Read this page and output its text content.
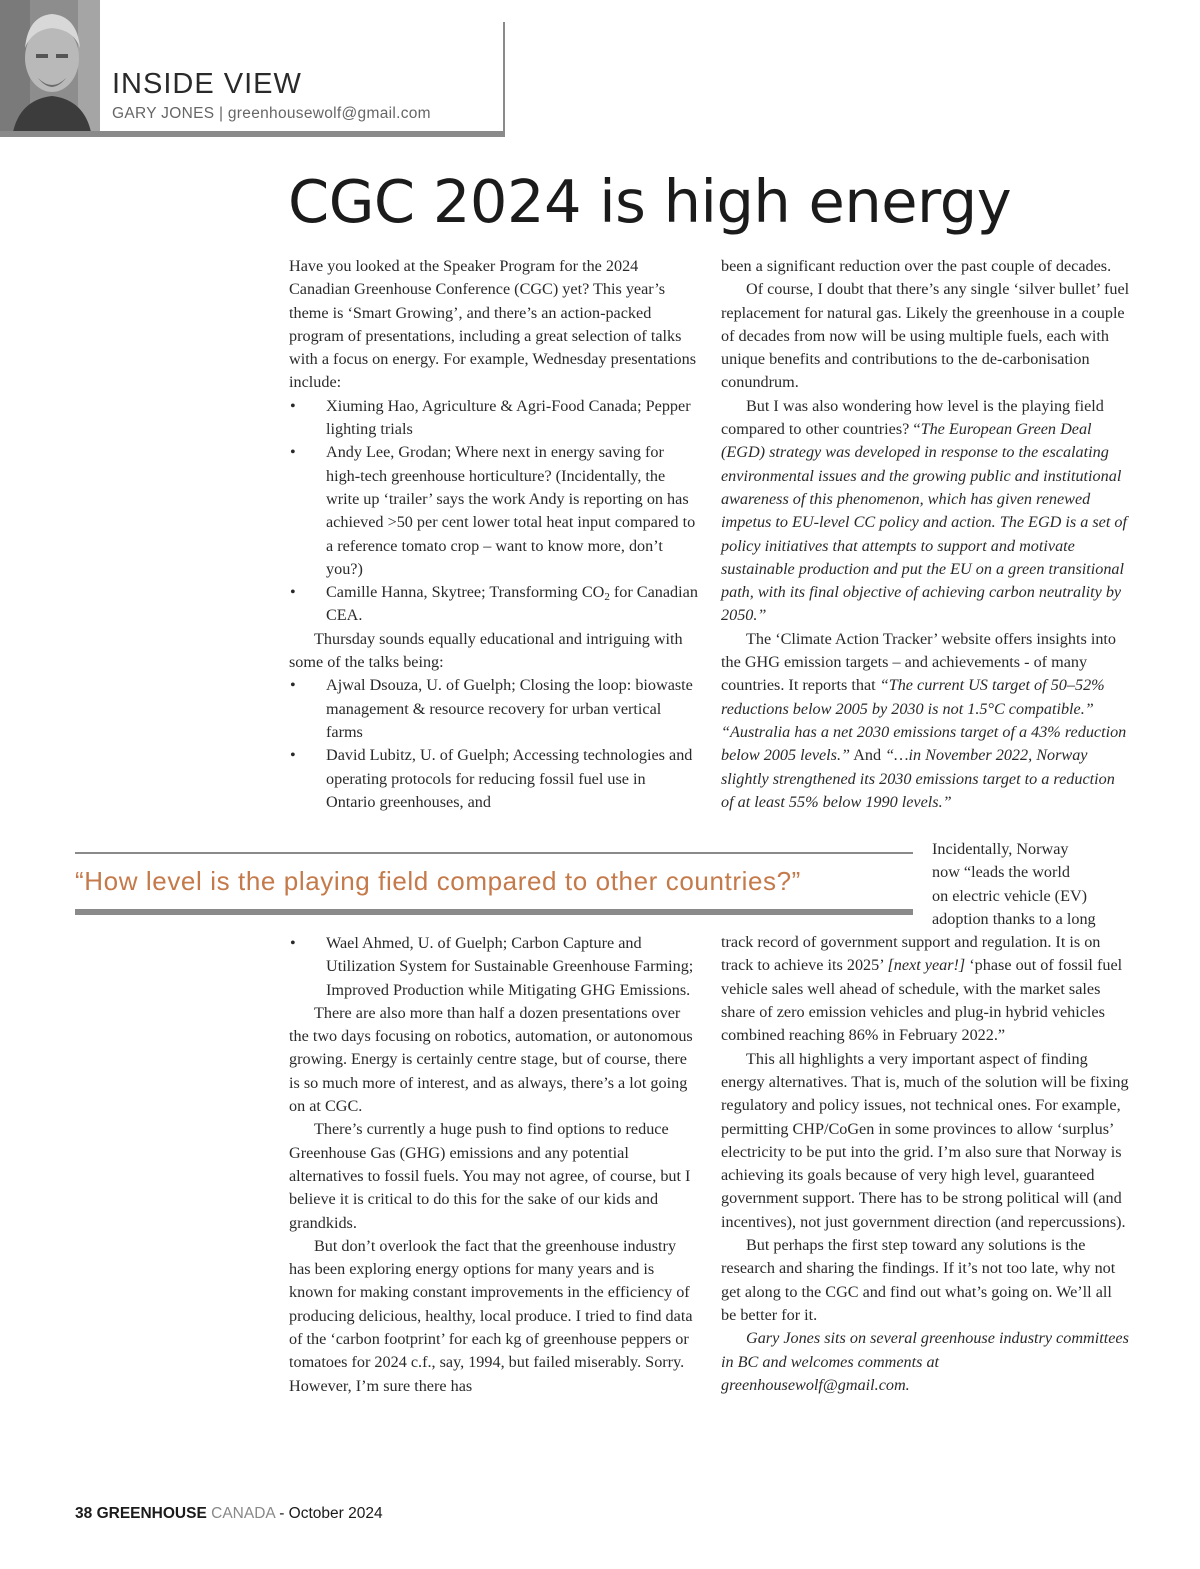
INSIDE VIEW
GARY JONES | greenhousewolf@gmail.com
CGC 2024 is high energy

Have you looked at the Speaker Program for the 2024 Canadian Greenhouse Conference (CGC) yet? This year’s theme is ‘Smart Growing’, and there’s an action-packed program of presentations, including a great selection of talks with a focus on energy. For example, Wednesday presentations include:

• Xiuming Hao, Agriculture & Agri-Food Canada; Pepper lighting trials
• Andy Lee, Grodan; Where next in energy saving for high-tech greenhouse horticulture? (Incidentally, the write up ‘trailer’ says the work Andy is reporting on has achieved >50 per cent lower total heat input compared to a reference tomato crop – want to know more, don’t you?)
• Camille Hanna, Skytree; Transforming $CO_2$ for Canadian CEA.

Thursday sounds equally educational and intriguing with some of the talks being:

• Ajwal Dsouza, U. of Guelph; Closing the loop: biowaste management & resource recovery for urban vertical farms
• David Lubitz, U. of Guelph; Accessing technologies and operating protocols for reducing fossil fuel use in Ontario greenhouses, and

been a significant reduction over the past couple of decades.

Of course, I doubt that there’s any single ‘silver bullet’ fuel replacement for natural gas. Likely the greenhouse in a couple of decades from now will be using multiple fuels, each with unique benefits and contributions to the de-carbonisation conundrum.

But I was also wondering how level is the playing field compared to other countries? “The European Green Deal (EGD) strategy was developed in response to the escalating environmental issues and the growing public and institutional awareness of this phenomenon, which has given renewed impetus to EU-level CC policy and action. The EGD is a set of policy initiatives that attempts to support and motivate sustainable production and put the EU on a green transitional path, with its final objective of achieving carbon neutrality by 2050.”

The ‘Climate Action Tracker’ website offers insights into the GHG emission targets – and achievements - of many countries. It reports that “The current US target of 50–52% reductions below 2005 by 2030 is not 1.5°C compatible.” “Australia has a net 2030 emissions target of a 43% reduction below 2005 levels.” And “…in November 2022, Norway slightly strengthened its 2030 emissions target to a reduction of at least 55% below 1990 levels.”

“How level is the playing field compared to other countries?”
• Wael Ahmed, U. of Guelph; Carbon Capture and Utilization System for Sustainable Greenhouse Farming; Improved Production while Mitigating GHG Emissions.

There are also more than half a dozen presentations over the two days focusing on robotics, automation, or autonomous growing. Energy is certainly centre stage, but of course, there is so much more of interest, and as always, there’s a lot going on at CGC.

There’s currently a huge push to find options to reduce Greenhouse Gas (GHG) emissions and any potential alternatives to fossil fuels. You may not agree, of course, but I believe it is critical to do this for the sake of our kids and grandkids.

But don’t overlook the fact that the greenhouse industry has been exploring energy options for many years and is known for making constant improvements in the efficiency of producing delicious, healthy, local produce. I tried to find data of the ‘carbon footprint’ for each kg of greenhouse peppers or tomatoes for 2024 c.f., say, 1994, but failed miserably. Sorry. However, I’m sure there has

Incidentally, Norway
now “leads the world
on electric vehicle (EV)
adoption thanks to a long

track record of government support and regulation. It is on track to achieve its 2025’ [next year!] ‘phase out of fossil fuel vehicle sales well ahead of schedule, with the market sales share of zero emission vehicles and plug-in hybrid vehicles combined reaching 86% in February 2022.”

This all highlights a very important aspect of finding energy alternatives. That is, much of the solution will be fixing regulatory and policy issues, not technical ones. For example, permitting CHP/CoGen in some provinces to allow ‘surplus’ electricity to be put into the grid. I’m also sure that Norway is achieving its goals because of very high level, guaranteed government support. There has to be strong political will (and incentives), not just government direction (and repercussions).

But perhaps the first step toward any solutions is the research and sharing the findings. If it’s not too late, why not get along to the CGC and find out what’s going on. We’ll all be better for it.

Gary Jones sits on several greenhouse industry committees in BC and welcomes comments at greenhousewolf@gmail.com.

38 GREENHOUSE CANADA - October 2024
